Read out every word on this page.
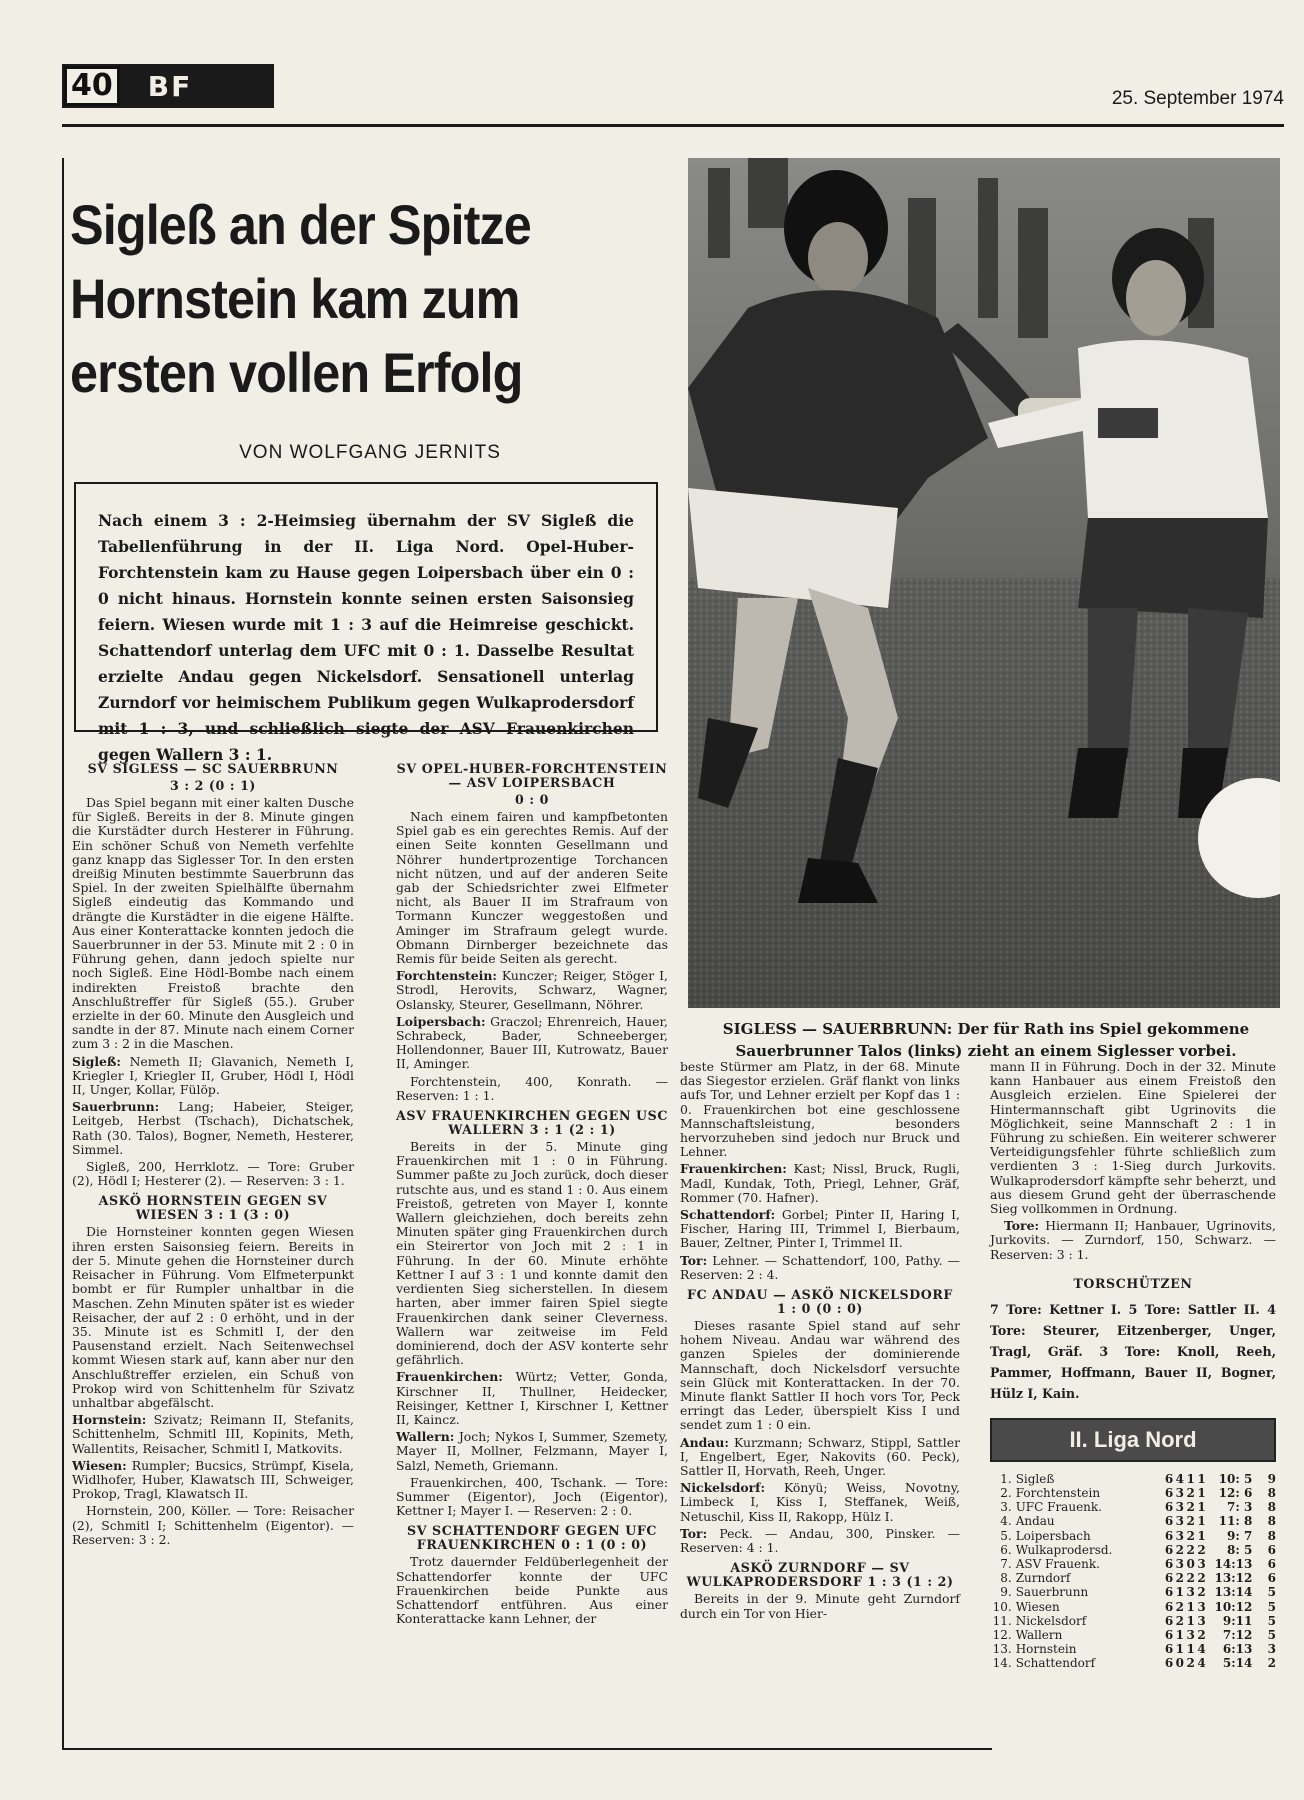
40 BF	25. September 1974
Sigleß an der Spitze
Hornstein kam zum
ersten vollen Erfolg
VON WOLFGANG JERNITS
Nach einem 3 : 2-Heimsieg übernahm der SV Sigleß die Tabellenführung in der II. Liga Nord. Opel-Huber-Forchtenstein kam zu Hause gegen Loipersbach über ein 0 : 0 nicht hinaus. Hornstein konnte seinen ersten Saisonsieg feiern. Wiesen wurde mit 1 : 3 auf die Heimreise geschickt. Schattendorf unterlag dem UFC mit 0 : 1. Dasselbe Resultat erzielte Andau gegen Nickelsdorf. Sensationell unterlag Zurndorf vor heimischem Publikum gegen Wulkaprodersdorf mit 1 : 3, und schließlich siegte der ASV Frauenkirchen gegen Wallern 3 : 1.
SIGLESS — SAUERBRUNN: Der für Rath ins Spiel gekommene
Sauerbrunner Talos (links) zieht an einem Siglesser vorbei.
SV SIGLESS — SC SAUERBRUNN
3 : 2 (0 : 1)

Das Spiel begann mit einer kalten Dusche für Sigleß. Bereits in der 8. Minute gingen die Kurstädter durch Hesterer in Führung. Ein schöner Schuß von Nemeth verfehlte ganz knapp das Siglesser Tor. In den ersten dreißig Minuten bestimmte Sauerbrunn das Spiel. In der zweiten Spielhälfte übernahm Sigleß eindeutig das Kommando und drängte die Kurstädter in die eigene Hälfte. Aus einer Konterattacke konnten jedoch die Sauerbrunner in der 53. Minute mit 2 : 0 in Führung gehen, dann jedoch spielte nur noch Sigleß. Eine Hödl-Bombe nach einem indirekten Freistoß brachte den Anschlußtreffer für Sigleß (55.). Gruber erzielte in der 60. Minute den Ausgleich und sandte in der 87. Minute nach einem Corner zum 3 : 2 in die Maschen.

Sigleß: Nemeth II; Glavanich, Nemeth I, Kriegler I, Kriegler II, Gruber, Hödl I, Hödl II, Unger, Kollar, Fülöp.

Sauerbrunn: Lang; Habeier, Steiger, Leitgeb, Herbst (Tschach), Dichatschek, Rath (30. Talos), Bogner, Nemeth, Hesterer, Simmel.

Sigleß, 200, Herrklotz. — Tore: Gruber (2), Hödl I; Hesterer (2). — Reserven: 3 : 1.

ASKÖ HORNSTEIN GEGEN SV WIESEN 3 : 1 (3 : 0)

Die Hornsteiner konnten gegen Wiesen ihren ersten Saisonsieg feiern. Bereits in der 5. Minute gehen die Hornsteiner durch Reisacher in Führung. Vom Elfmeterpunkt bombt er für Rumpler unhaltbar in die Maschen. Zehn Minuten später ist es wieder Reisacher, der auf 2 : 0 erhöht, und in der 35. Minute ist es Schmitl I, der den Pausenstand erzielt. Nach Seitenwechsel kommt Wiesen stark auf, kann aber nur den Anschlußtreffer erzielen, ein Schuß von Prokop wird von Schittenhelm für Szivatz unhaltbar abgefälscht.

Hornstein: Szivatz; Reimann II, Stefanits, Schittenhelm, Schmitl III, Kopinits, Meth, Wallentits, Reisacher, Schmitl I, Matkovits.

Wiesen: Rumpler; Bucsics, Strümpf, Kisela, Widlhofer, Huber, Klawatsch III, Schweiger, Prokop, Tragl, Klawatsch II.

Hornstein, 200, Köller. — Tore: Reisacher (2), Schmitl I; Schittenhelm (Eigentor). — Reserven: 3 : 2.

SV OPEL-HUBER-FORCHTENSTEIN — ASV LOIPERSBACH
0 : 0

Nach einem fairen und kampfbetonten Spiel gab es ein gerechtes Remis. Auf der einen Seite konnten Gesellmann und Nöhrer hundertprozentige Torchancen nicht nützen, und auf der anderen Seite gab der Schiedsrichter zwei Elfmeter nicht, als Bauer II im Strafraum von Tormann Kunczer weggestoßen und Aminger im Strafraum gelegt wurde. Obmann Dirnberger bezeichnete das Remis für beide Seiten als gerecht.

Forchtenstein: Kunczer; Reiger, Stöger I, Strodl, Herovits, Schwarz, Wagner, Oslansky, Steurer, Gesellmann, Nöhrer.

Loipersbach: Graczol; Ehrenreich, Hauer, Schrabeck, Bader, Schneeberger, Hollendonner, Bauer III, Kutrowatz, Bauer II, Aminger.

Forchtenstein, 400, Konrath. — Reserven: 1 : 1.

ASV FRAUENKIRCHEN GEGEN USC WALLERN 3 : 1 (2 : 1)

Bereits in der 5. Minute ging Frauenkirchen mit 1 : 0 in Führung. Summer paßte zu Joch zurück, doch dieser rutschte aus, und es stand 1 : 0. Aus einem Freistoß, getreten von Mayer I, konnte Wallern gleichziehen, doch bereits zehn Minuten später ging Frauenkirchen durch ein Steirertor von Joch mit 2 : 1 in Führung. In der 60. Minute erhöhte Kettner I auf 3 : 1 und konnte damit den verdienten Sieg sicherstellen. In diesem harten, aber immer fairen Spiel siegte Frauenkirchen dank seiner Cleverness. Wallern war zeitweise im Feld dominierend, doch der ASV konterte sehr gefährlich.

Frauenkirchen: Würtz; Vetter, Gonda, Kirschner II, Thullner, Heidecker, Reisinger, Kettner I, Kirschner I, Kettner II, Kaincz.

Wallern: Joch; Nykos I, Summer, Szemety, Mayer II, Mollner, Felzmann, Mayer I, Salzl, Nemeth, Griemann.

Frauenkirchen, 400, Tschank. — Tore: Summer (Eigentor), Joch (Eigentor), Kettner I; Mayer I. — Reserven: 2 : 0.

SV SCHATTENDORF GEGEN UFC FRAUENKIRCHEN 0 : 1 (0 : 0)

Trotz dauernder Feldüberlegenheit der Schattendorfer konnte der UFC Frauenkirchen beide Punkte aus Schattendorf entführen. Aus einer Konterattacke kann Lehner, der

beste Stürmer am Platz, in der 68. Minute das Siegestor erzielen. Gräf flankt von links aufs Tor, und Lehner erzielt per Kopf das 1 : 0. Frauenkirchen bot eine geschlossene Mannschaftsleistung, besonders hervorzuheben sind jedoch nur Bruck und Lehner.

Frauenkirchen: Kast; Nissl, Bruck, Rugli, Madl, Kundak, Toth, Priegl, Lehner, Gräf, Rommer (70. Hafner).

Schattendorf: Gorbel; Pinter II, Haring I, Fischer, Haring III, Trimmel I, Bierbaum, Bauer, Zeltner, Pinter I, Trimmel II.

Tor: Lehner. — Schattendorf, 100, Pathy. — Reserven: 2 : 4.

FC ANDAU — ASKÖ NICKELSDORF 1 : 0 (0 : 0)

Dieses rasante Spiel stand auf sehr hohem Niveau. Andau war während des ganzen Spieles der dominierende Mannschaft, doch Nickelsdorf versuchte sein Glück mit Konterattacken. In der 70. Minute flankt Sattler II hoch vors Tor, Peck erringt das Leder, überspielt Kiss I und sendet zum 1 : 0 ein.

Andau: Kurzmann; Schwarz, Stippl, Sattler I, Engelbert, Eger, Nakovits (60. Peck), Sattler II, Horvath, Reeh, Unger.

Nickelsdorf: Könyü; Weiss, Novotny, Limbeck I, Kiss I, Steffanek, Weiß, Netuschil, Kiss II, Rakopp, Hülz I.

Tor: Peck. — Andau, 300, Pinsker. — Reserven: 4 : 1.

ASKÖ ZURNDORF — SV WULKAPRODERSDORF 1 : 3 (1 : 2)

Bereits in der 9. Minute geht Zurndorf durch ein Tor von Hier-

mann II in Führung. Doch in der 32. Minute kann Hanbauer aus einem Freistoß den Ausgleich erzielen. Eine Spielerei der Hintermannschaft gibt Ugrinovits die Möglichkeit, seine Mannschaft 2 : 1 in Führung zu schießen. Ein weiterer schwerer Verteidigungsfehler führte schließlich zum verdienten 3 : 1-Sieg durch Jurkovits. Wulkaprodersdorf kämpfte sehr beherzt, und aus diesem Grund geht der überraschende Sieg vollkommen in Ordnung.

Tore: Hiermann II; Hanbauer, Ugrinovits, Jurkovits. — Zurndorf, 150, Schwarz. — Reserven: 3 : 1.

TORSCHÜTZEN
7 Tore: Kettner I. 5 Tore: Sattler II. 4 Tore: Steurer, Eitzenberger, Unger, Tragl, Gräf. 3 Tore: Knoll, Reeh, Pammer, Hoffmann, Bauer II, Bogner, Hülz I, Kain.
II. Liga Nord
1. Sigleß	6 4 1 1	10: 5	9
2. Forchtenstein	6 3 2 1	12: 6	8
3. UFC Frauenk.	6 3 2 1	7: 3	8
4. Andau	6 3 2 1	11: 8	8
5. Loipersbach	6 3 2 1	9: 7	8
6. Wulkaprodersd.	6 2 2 2	8: 5	6
7. ASV Frauenk.	6 3 0 3 14:13	6
8. Zurndorf	6 2 2 2 13:12	6
9. Sauerbrunn	6 1 3 2 13:14	5
10. Wiesen	6 2 1 3 10:12	5
11. Nickelsdorf	6 2 1 3	9:11	5
12. Wallern	6 1 3 2	7:12	5
13. Hornstein	6 1 1 4	6:13	3
14. Schattendorf	6 0 2 4	5:14	2
